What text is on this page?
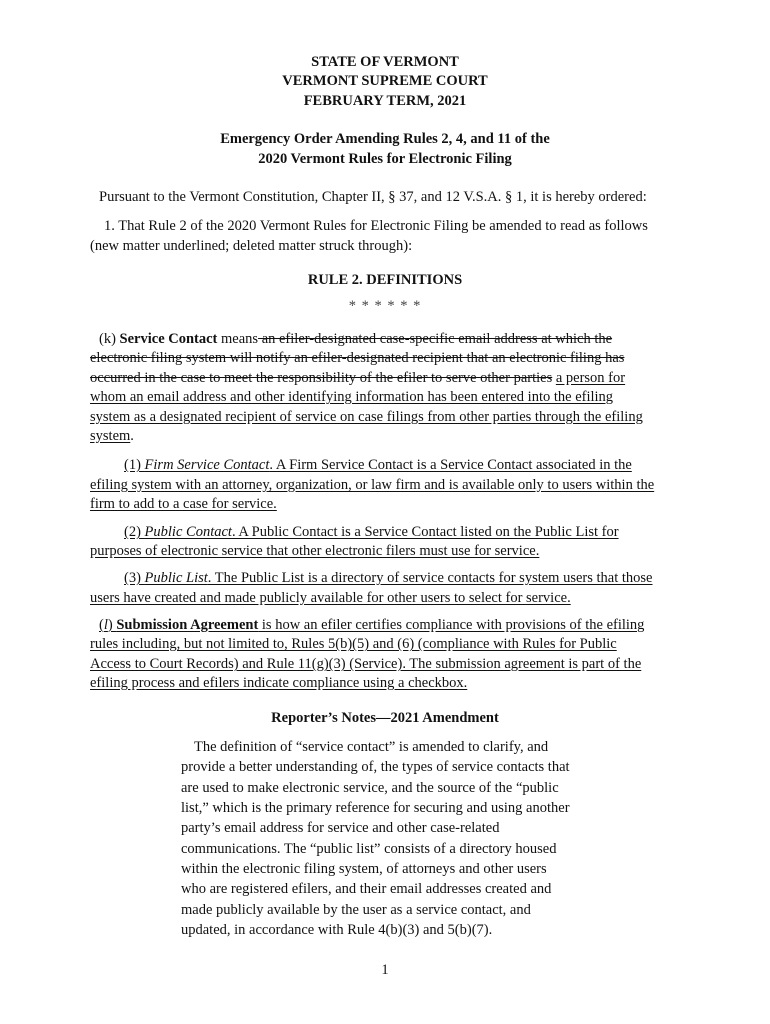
STATE OF VERMONT
VERMONT SUPREME COURT
FEBRUARY TERM, 2021
Emergency Order Amending Rules 2, 4, and 11 of the
2020 Vermont Rules for Electronic Filing
Pursuant to the Vermont Constitution, Chapter II, § 37, and 12 V.S.A. § 1, it is hereby ordered:
1. That Rule 2 of the 2020 Vermont Rules for Electronic Filing be amended to read as follows
(new matter underlined; deleted matter struck through):
RULE 2. DEFINITIONS
* * * * * *
(k) Service Contact means an efiler-designated case-specific email address at which the
electronic filing system will notify an efiler-designated recipient that an electronic filing has
occurred in the case to meet the responsibility of the efiler to serve other parties a person for
whom an email address and other identifying information has been entered into the efiling
system as a designated recipient of service on case filings from other parties through the efiling
system.
(1) Firm Service Contact. A Firm Service Contact is a Service Contact associated in the
efiling system with an attorney, organization, or law firm and is available only to users within the
firm to add to a case for service.
(2) Public Contact. A Public Contact is a Service Contact listed on the Public List for
purposes of electronic service that other electronic filers must use for service.
(3) Public List. The Public List is a directory of service contacts for system users that those
users have created and made publicly available for other users to select for service.
(l) Submission Agreement is how an efiler certifies compliance with provisions of the efiling
rules including, but not limited to, Rules 5(b)(5) and (6) (compliance with Rules for Public
Access to Court Records) and Rule 11(g)(3) (Service). The submission agreement is part of the
efiling process and efilers indicate compliance using a checkbox.
Reporter’s Notes—2021 Amendment
The definition of “service contact” is amended to clarify, and
provide a better understanding of, the types of service contacts that
are used to make electronic service, and the source of the “public
list,” which is the primary reference for securing and using another
party’s email address for service and other case-related
communications. The “public list” consists of a directory housed
within the electronic filing system, of attorneys and other users
who are registered efilers, and their email addresses created and
made publicly available by the user as a service contact, and
updated, in accordance with Rule 4(b)(3) and 5(b)(7).
1
